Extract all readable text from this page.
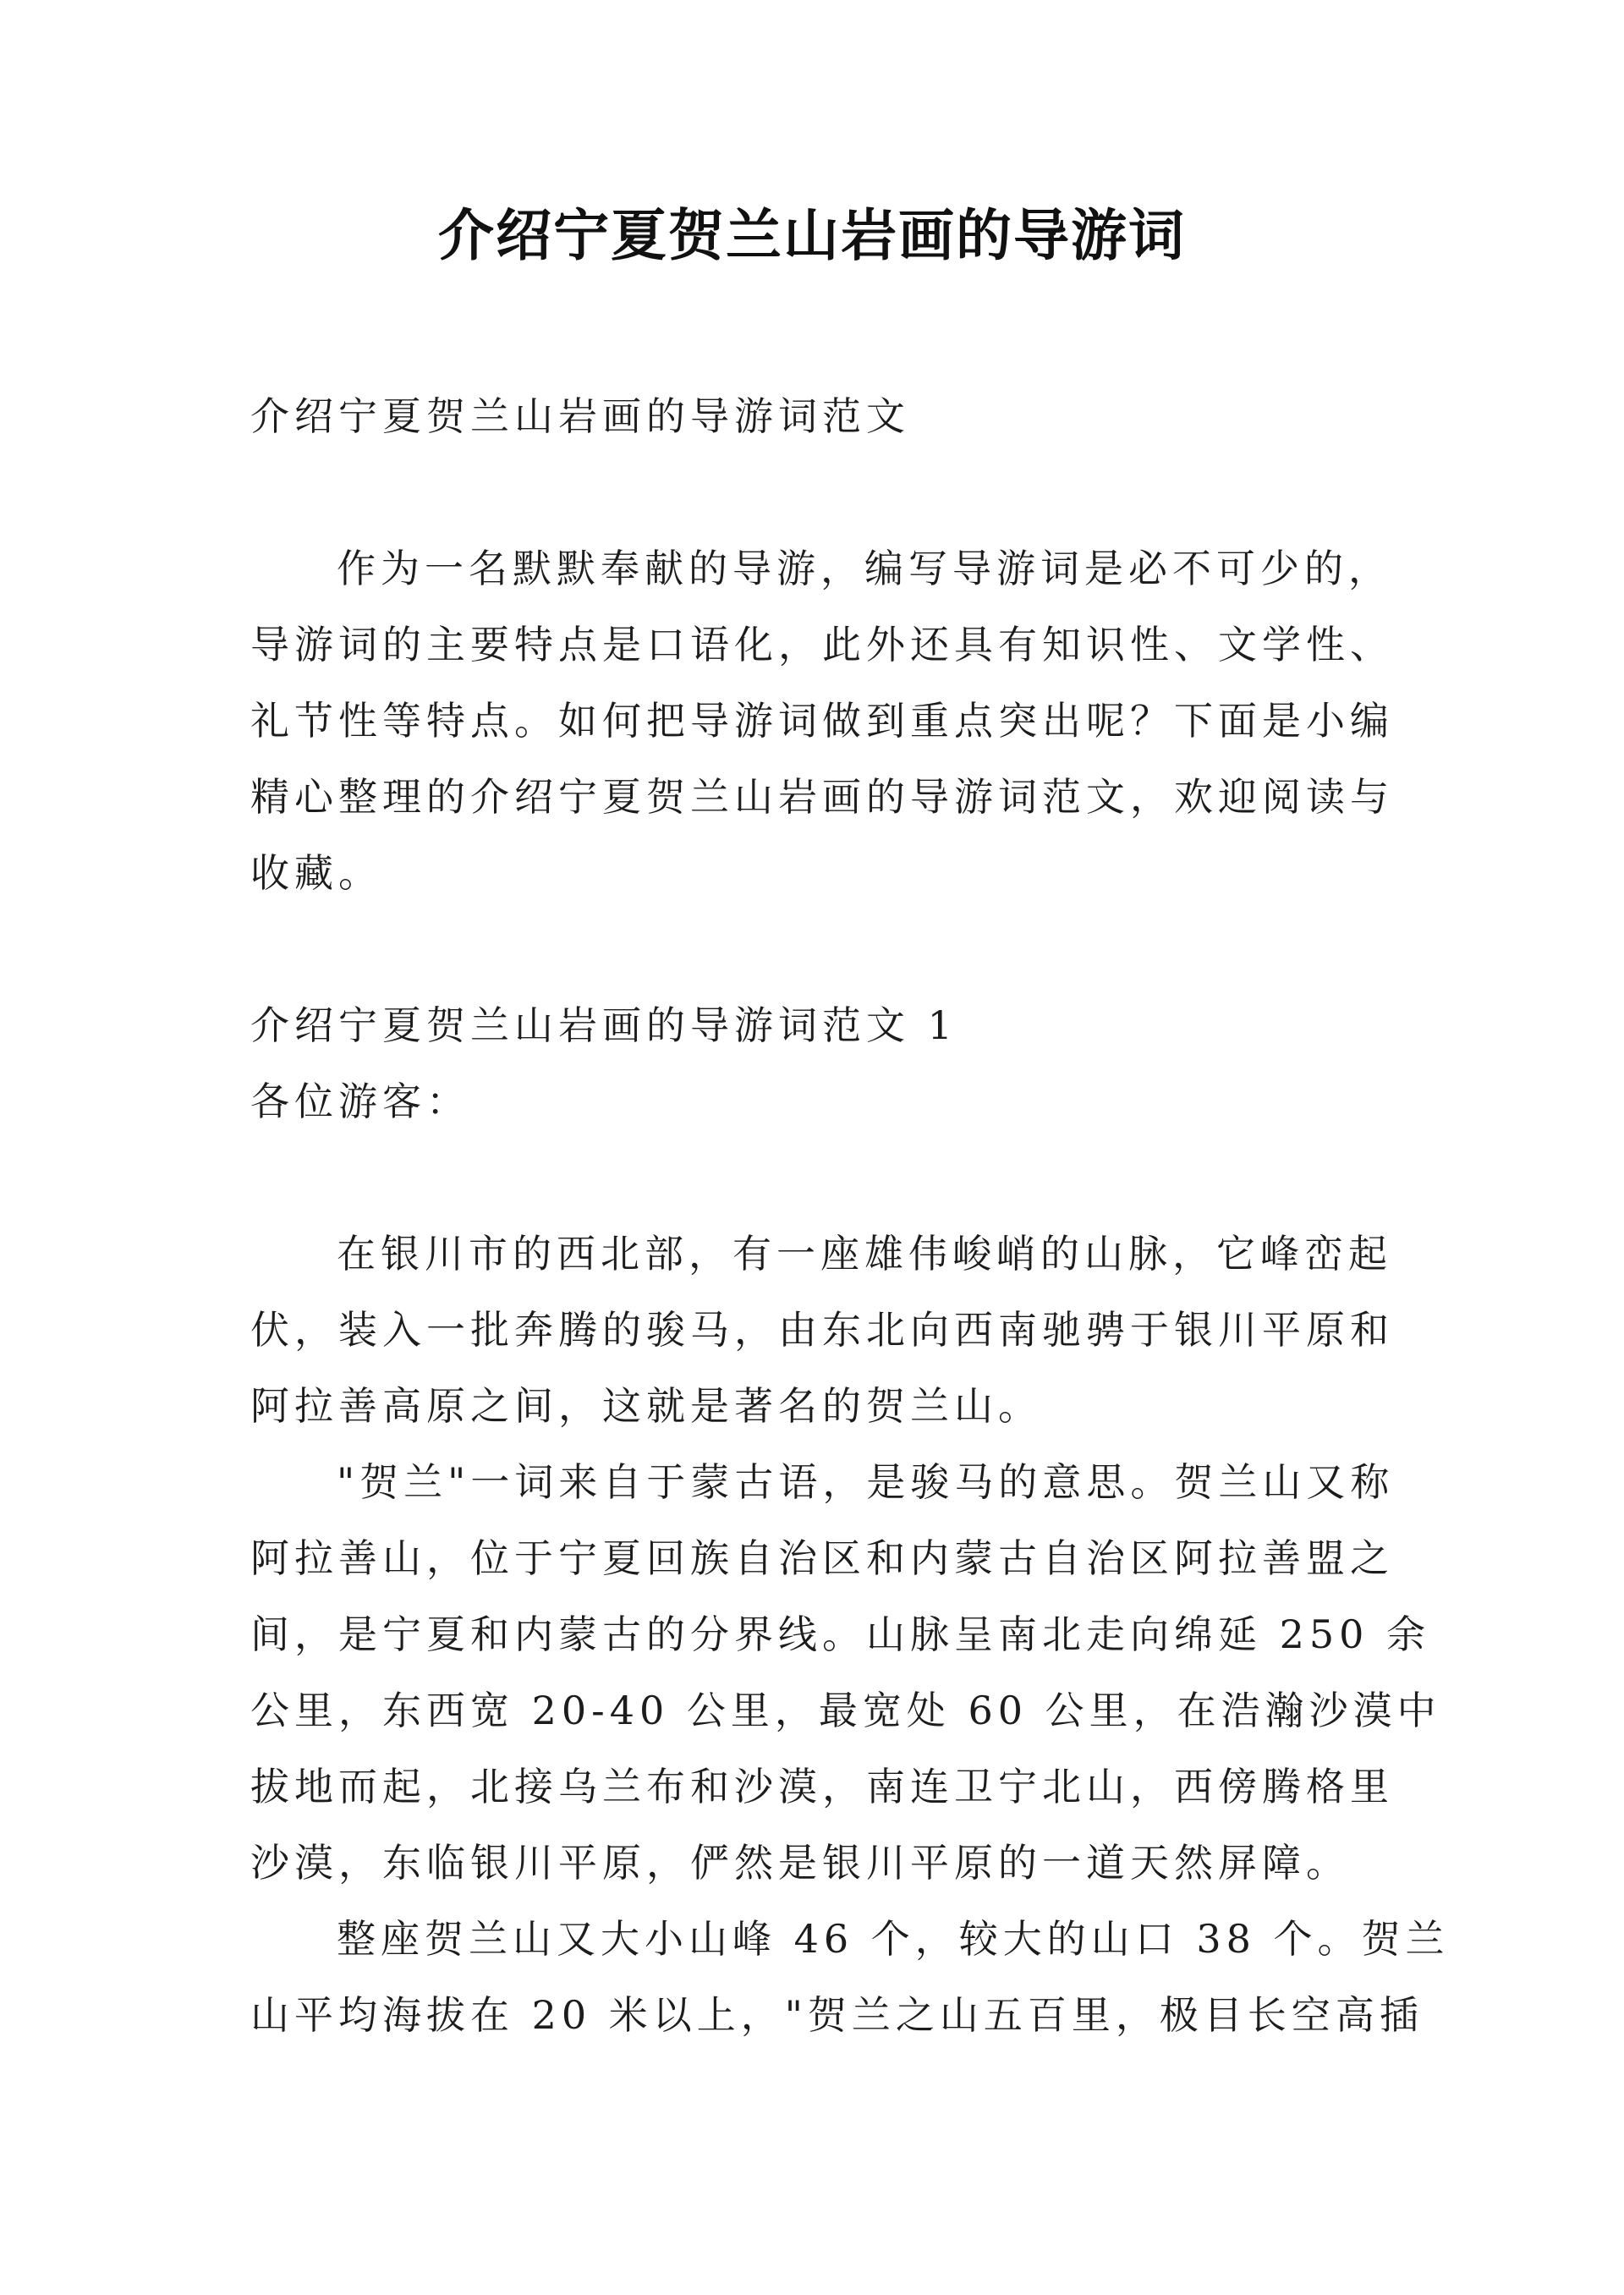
介绍宁夏贺兰山岩画的导游词

介绍宁夏贺兰山岩画的导游词范文

作为一名默默奉献的导游，编写导游词是必不可少的，

导游词的主要特点是口语化，此外还具有知识性、文学性、

礼节性等特点。如何把导游词做到重点突出呢？下面是小编

精心整理的介绍宁夏贺兰山岩画的导游词范文，欢迎阅读与

收藏。

介绍宁夏贺兰山岩画的导游词范文 1

各位游客：

在银川市的西北部，有一座雄伟峻峭的山脉，它峰峦起

伏，装入一批奔腾的骏马，由东北向西南驰骋于银川平原和

阿拉善高原之间，这就是著名的贺兰山。

"贺兰"一词来自于蒙古语，是骏马的意思。贺兰山又称

阿拉善山，位于宁夏回族自治区和内蒙古自治区阿拉善盟之

间，是宁夏和内蒙古的分界线。山脉呈南北走向绵延 250 余

公里，东西宽 20-40 公里，最宽处 60 公里，在浩瀚沙漠中

拔地而起，北接乌兰布和沙漠，南连卫宁北山，西傍腾格里

沙漠，东临银川平原，俨然是银川平原的一道天然屏障。

整座贺兰山又大小山峰 46 个，较大的山口 38 个。贺兰

山平均海拔在 20 米以上，"贺兰之山五百里，极目长空高插
